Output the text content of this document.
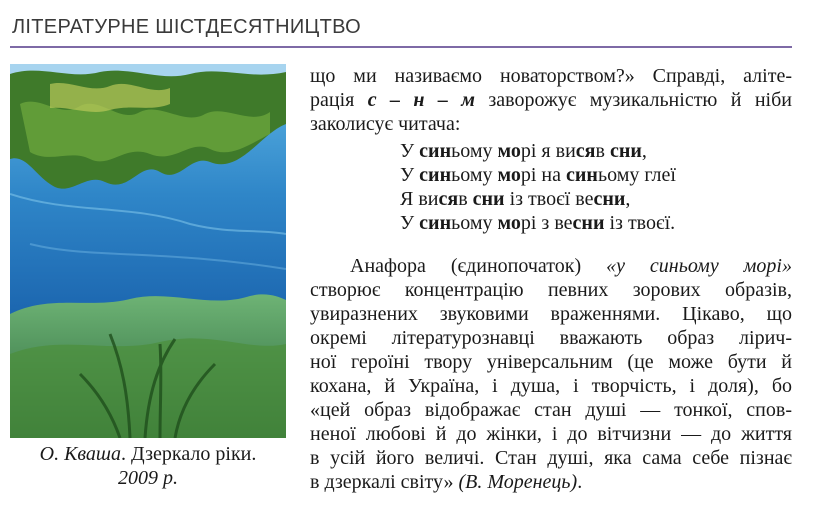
ЛІТЕРАТУРНЕ ШІСТДЕСЯТНИЦТВО
О. Кваша. Дзеркало ріки.
2009 р.

що ми називаємо новаторством?» Справді, аліте-

рація с – н – м заворожує музикальністю й ніби

заколисує читача:

У синьому морі я висяв сни,
У синьому морі на синьому глеї
Я висяв сни із твоєї весни,
У синьому морі з весни із твоєї.

Анафора (єдинопочаток) «у синьому морі»

створює концентрацію певних зорових образів,

увиразнених звуковими враженнями. Цікаво, що

окремі літературознавці вважають образ лірич-

ної героїні твору універсальним (це може бути й

кохана, й Україна, і душа, і творчість, і доля), бо

«цей образ відображає стан душі — тонкої, спов-

неної любові й до жінки, і до вітчизни — до життя

в усій його величі. Стан душі, яка сама себе пізнає

в дзеркалі світу» (В. Моренець).
